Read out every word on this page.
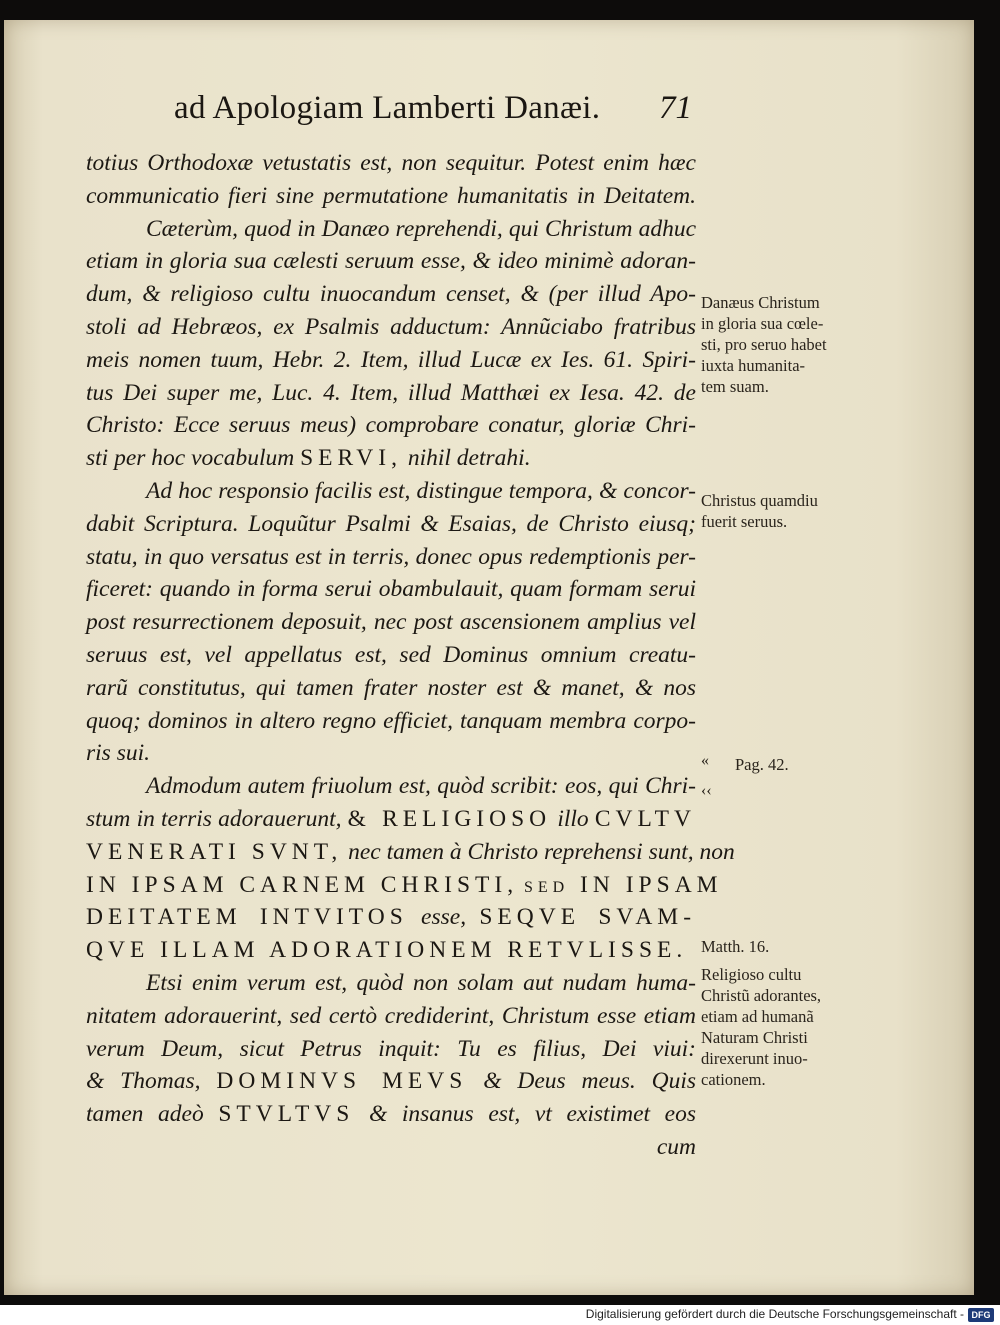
ad Apologiam Lamberti Danæi.	71
totius Orthodoxæ vetustatis est, non sequitur. Potest enim hæc
communicatio fieri sine permutatione humanitatis in Deitatem.
Cæterùm, quod in Danæo reprehendi, qui Christum adhuc
etiam in gloria sua cælesti seruum esse, & ideo minimè adoran-
dum, & religioso cultu inuocandum censet, & (per illud Apo-
stoli ad Hebræos, ex Psalmis adductum: Annũciabo fratribus
meis nomen tuum, Hebr. 2. Item, illud Lucæ ex Ies. 61. Spiri-
tus Dei super me, Luc. 4. Item, illud Matthæi ex Iesa. 42. de
Christo: Ecce seruus meus) comprobare conatur, gloriæ Chri-
sti per hoc vocabulum SERVI, nihil detrahi.
Ad hoc responsio facilis est, distingue tempora, & concor-
dabit Scriptura. Loquũtur Psalmi & Esaias, de Christo eiusq;
statu, in quo versatus est in terris, donec opus redemptionis per-
ficeret: quando in forma serui obambulauit, quam formam serui
post resurrectionem deposuit, nec post ascensionem amplius vel
seruus est, vel appellatus est, sed Dominus omnium creatu-
rarũ constitutus, qui tamen frater noster est & manet, & nos
quoq; dominos in altero regno efficiet, tanquam membra corpo-
ris sui.
Admodum autem friuolum est, quòd scribit: eos, qui Chri-
stum in terris adorauerunt, & RELIGIOSO illo CVLTV
VENERATI SVNT, nec tamen à Christo reprehensi sunt, non
IN IPSAM CARNEM CHRISTI, sed IN IPSAM
DEITATEM INTVITOS esse, SEQVE SVAM-
QVE ILLAM ADORATIONEM RETVLISSE.
Etsi enim verum est, quòd non solam aut nudam huma-
nitatem adorauerint, sed certò crediderint, Christum esse etiam
verum Deum, sicut Petrus inquit: Tu es filius, Dei viui:
& Thomas, DOMINVS MEVS & Deus meus. Quis
tamen adeò STVLTVS & insanus est, vt existimet eos
cum
Danæus Christum
in gloria sua cœle-
sti, pro seruo habet
iuxta humanita-
tem suam.
Christus quamdiu
fuerit seruus.
« Pag. 42.
‹‹
Matth. 16.
Religioso cultu
Christũ adorantes,
etiam ad humanã
Naturam Christi
direxerunt inuo-
cationem.
Digitalisierung gefördert durch die Deutsche Forschungsgemeinschaft - DFG
